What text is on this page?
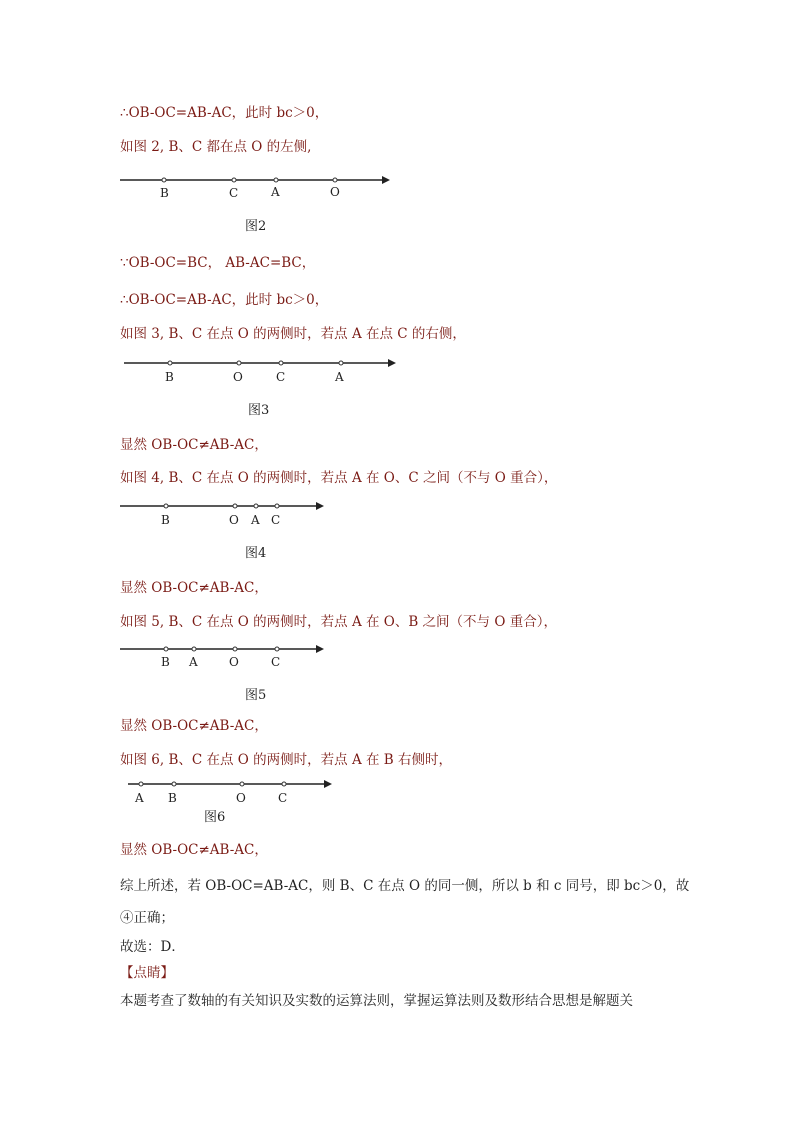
∴OB-OC=AB-AC，此时 bc＞0，
如图 2, B、C 都在点 O 的左侧,
B	C	A	O
B	O	C	A
B	O A C
B A	O	C
A B	O	C
图2
∵OB-OC=BC， AB-AC=BC，
∴OB-OC=AB-AC，此时 bc＞0，
如图 3, B、C 在点 O 的两侧时，若点 A 在点 C 的右侧，
图3
显然 OB-OC≠AB-AC，
如图 4, B、C 在点 O 的两侧时，若点 A 在 O、C 之间（不与 O 重合），
图4
显然 OB-OC≠AB-AC，
如图 5, B、C 在点 O 的两侧时，若点 A 在 O、B 之间（不与 O 重合），
图5
显然 OB-OC≠AB-AC，
如图 6, B、C 在点 O 的两侧时，若点 A 在 B 右侧时，
图6
显然 OB-OC≠AB-AC，
综上所述，若 OB-OC=AB-AC，则 B、C 在点 O 的同一侧，所以 b 和 c 同号，即 bc＞0，故
④正确；
故选：D．
【点睛】
本题考查了数轴的有关知识及实数的运算法则，掌握运算法则及数形结合思想是解题关
